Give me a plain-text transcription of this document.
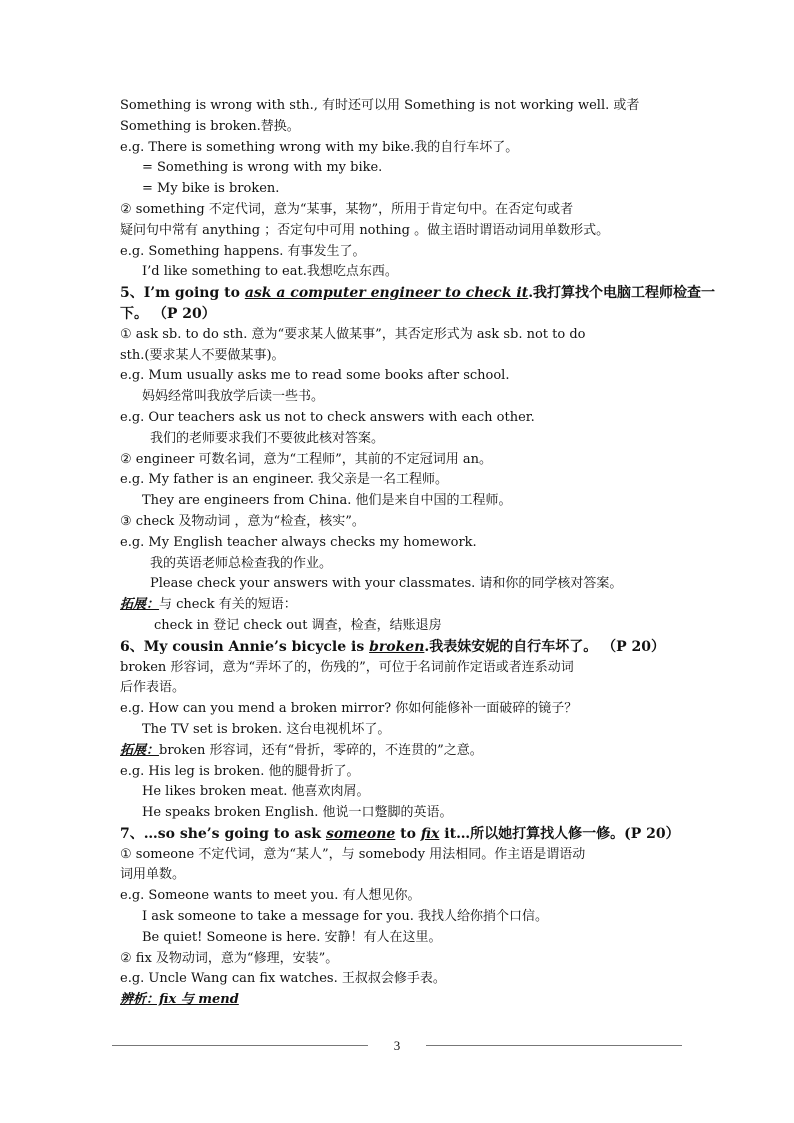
Something is wrong with sth., 有时还可以用 Something is not working well. 或者
Something is broken.替换。
e.g. There is something wrong with my bike.我的自行车坏了。
= Something is wrong with my bike.
= My bike is broken.
② something 不定代词，意为“某事，某物”，所用于肯定句中。在否定句或者
疑问句中常有 anything ；否定句中可用 nothing 。做主语时谓语动词用单数形式。
e.g. Something happens. 有事发生了。
I’d like something to eat.我想吃点东西。
5、I’m going to ask a computer engineer to check it.我打算找个电脑工程师检查一
下。 （P 20）
① ask sb. to do sth. 意为“要求某人做某事”，其否定形式为 ask sb. not to do
sth.(要求某人不要做某事)。
e.g. Mum usually asks me to read some books after school.
妈妈经常叫我放学后读一些书。
e.g. Our teachers ask us not to check answers with each other.
我们的老师要求我们不要彼此核对答案。
② engineer 可数名词，意为“工程师”，其前的不定冠词用 an。
e.g. My father is an engineer. 我父亲是一名工程师。
They are engineers from China. 他们是来自中国的工程师。
③ check 及物动词 ，意为“检查，核实”。
e.g. My English teacher always checks my homework.
我的英语老师总检查我的作业。
Please check your answers with your classmates. 请和你的同学核对答案。
拓展：与 check 有关的短语：
check in 登记 check out 调查，检查，结账退房
6、My cousin Annie’s bicycle is broken.我表妹安妮的自行车坏了。 （P 20）
broken 形容词，意为“弄坏了的，伤残的”，可位于名词前作定语或者连系动词
后作表语。
e.g. How can you mend a broken mirror? 你如何能修补一面破碎的镜子？
The TV set is broken. 这台电视机坏了。
拓展：broken 形容词，还有“骨折，零碎的，不连贯的”之意。
e.g. His leg is broken. 他的腿骨折了。
He likes broken meat. 他喜欢肉屑。
He speaks broken English. 他说一口蹩脚的英语。
7、…so she’s going to ask someone to fix it…所以她打算找人修一修。(P 20）
① someone 不定代词，意为“某人”，与 somebody 用法相同。作主语是谓语动
词用单数。
e.g. Someone wants to meet you. 有人想见你。
I ask someone to take a message for you. 我找人给你捎个口信。
Be quiet! Someone is here. 安静！有人在这里。
② fix 及物动词，意为“修理，安装”。
e.g. Uncle Wang can fix watches. 王叔叔会修手表。
辨析：fix 与 mend
3
